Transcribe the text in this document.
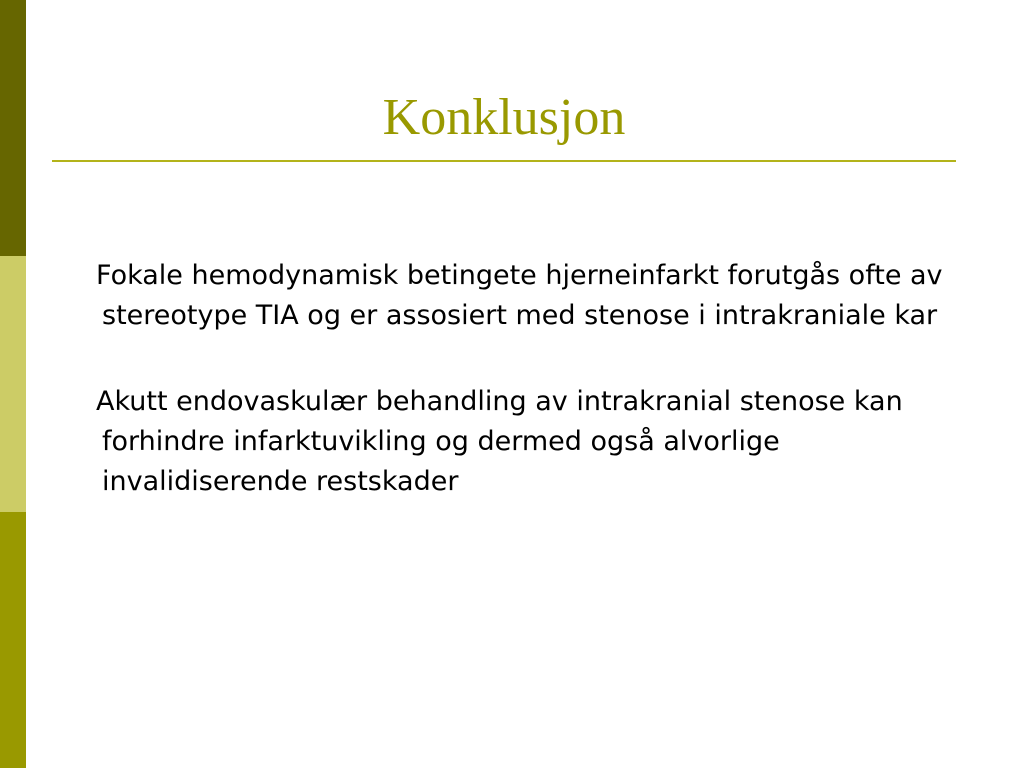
Konklusjon

Fokale hemodynamisk betingete hjerneinfarkt forutgås ofte av stereotype TIA og er assosiert med stenose i intrakraniale kar

Akutt endovaskulær behandling av intrakranial stenose kan forhindre infarktuvikling og dermed også alvorlige invalidiserende restskader
